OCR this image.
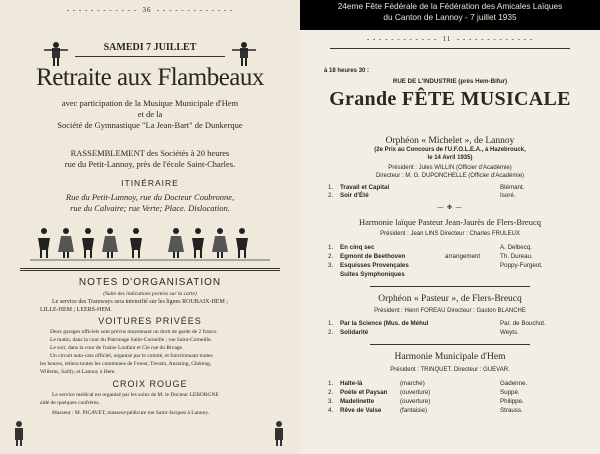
- - - - - - - - - - - -  36  - - - - - - - - - - - - -
SAMEDI 7 JUILLET
Retraite aux Flambeaux
avec participation de la Musique Municipale d'Hem
et de la
Société de Gymnastique "La Jean-Bart" de Dunkerque
RASSEMBLEMENT des Sociétés à 20 heures
rue du Petit-Lannoy, près de l'école Saint-Charles.
ITINÉRAIRE
Rue du Petit-Lannoy, rue du Docteur Coubronne,
rue du Calvaire; rue Verte; Place. Dislocation.
NOTES D'ORGANISATION
(Suite des indications portées sur la carte)
Le service des Tramways sera intensifié sur les lignes ROUBAIX-HEM ;
LILLE-HEM ; LEERS-HEM.
VOITURES PRIVÉES
Deux garages officiels sont prévus moyennant un droit de garde de 2 francs.
Le matin, dans la cour du Patronage Saint-Corneille ; rue Saint-Corneille.
Le soir, dans la cour de l'usine Loufant et Cie rue du Rivage.
Un circuit auto-cars officiel, organisé par le comité, et fonctionnant toutes
les heures, reliera toutes les communes de Forest, Tressin, Anstaing, Chéreng,
Willems, Sailly, et Lannoy à Hem.
CROIX ROUGE
Le service médical est organisé par les soins de M. le Docteur LEBORGNE
aidé de quelques confrères.
Masseur : M. PICAVET, masseur-pédicure rue Saint-Jacques à Lannoy.
24eme Fête Fédérale de la Fédération des Amicales Laïques
du Canton de Lannoy - 7 juillet 1935
- - - - - - - - - - - -  11  - - - - - - - - - - - - -
à 18 heures 30 :
RUE DE L'INDUSTRIE (près Hem-Bifur)
Grande FÊTE MUSICALE
Orphéon « Michelet », de Lannoy
(2e Prix au Concours de l'U.F.O.L.E.A., à Hazebrouck,
le 14 Avril 1935)
Président : Jules WILLIN (Officier d'Académie)
Directeur : M. G. DUPONCHELLE (Officier d'Académie)
1. Travail et Capital	Blémant.
2. Soir d'Été	Isoré.
— ✤ —
Harmonie laïque Pasteur Jean-Jaurès de Flers-Breucq
Président : Jean LINS Directeur : Charles FRULEUX
1. En cinq sec	A. Delbecq.
2. Egmont de Beethoven	arrangement	Th. Dureau.
3. Esquisses Provençales	Poppy-Furgeot.
Suites Symphoniques
Orphéon « Pasteur », de Flers-Breucq
Président : Henri FOREAU Directeur : Gaston BLANCHE
1. Par la Science (Mus. de Méhul	Par. de Bouchot.
2. Solidarité	Weyts.
Harmonie Municipale d'Hem
Président : TRINQUET. Directeur : GUEVAR.
1. Halte-là	(marche)	Gadenne.
2. Poète et Paysan (ouverture)	Suppé.
3. Madelinette	(ouverture)	Philippe.
4. Rêve de Valse	(fantaisie)	Strauss.
